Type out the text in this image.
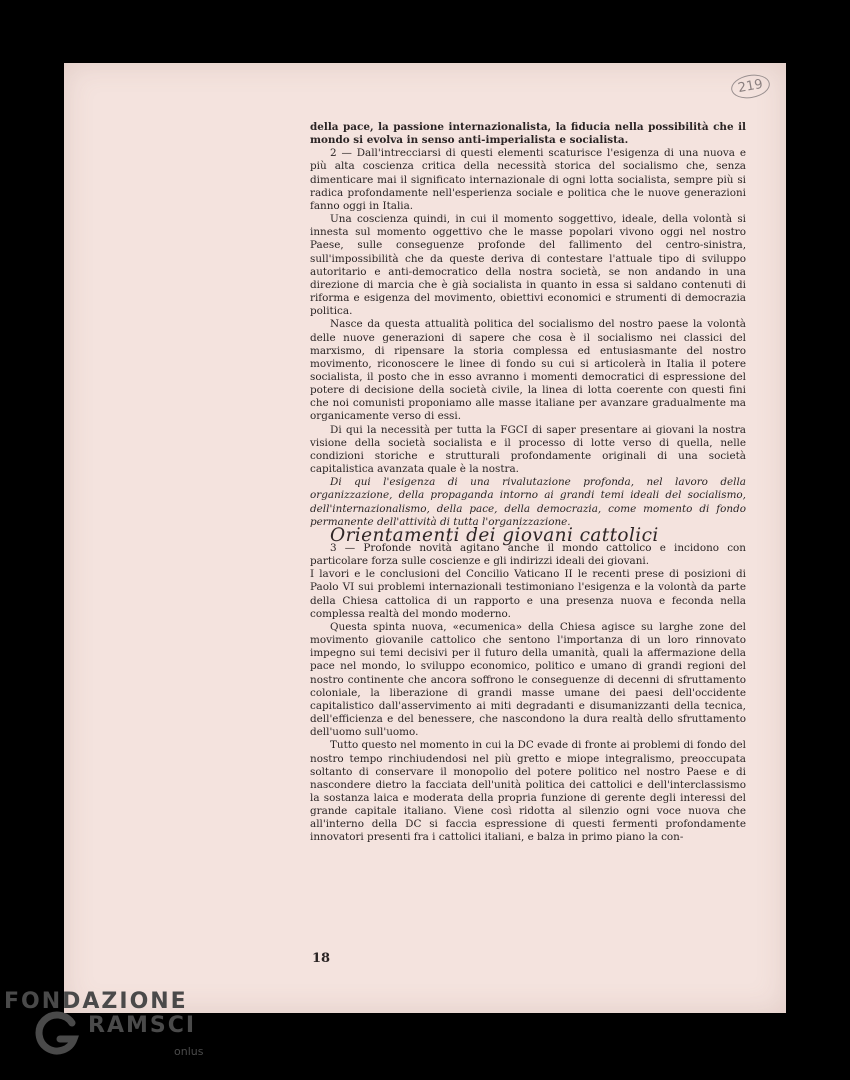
219

della pace, la passione internazionalista, la fiducia nella possibilità che il mondo si evolva in senso anti-imperialista e socialista.

2 — Dall'intrecciarsi di questi elementi scaturisce l'esigenza di una nuova e più alta coscienza critica della necessità storica del socialismo che, senza dimenticare mai il significato internazionale di ogni lotta socialista, sempre più si radica profondamente nell'esperienza sociale e politica che le nuove generazioni fanno oggi in Italia.

Una coscienza quindi, in cui il momento soggettivo, ideale, della volontà si innesta sul momento oggettivo che le masse popolari vivono oggi nel nostro Paese, sulle conseguenze profonde del fallimento del centro-sinistra, sull'impossibilità che da queste deriva di contestare l'attuale tipo di sviluppo autoritario e anti-democratico della nostra società, se non andando in una direzione di marcia che è già socialista in quanto in essa si saldano contenuti di riforma e esigenza del movimento, obiettivi economici e strumenti di democrazia politica.

Nasce da questa attualità politica del socialismo del nostro paese la volontà delle nuove generazioni di sapere che cosa è il socialismo nei classici del marxismo, di ripensare la storia complessa ed entusiasmante del nostro movimento, riconoscere le linee di fondo su cui si articolerà in Italia il potere socialista, il posto che in esso avranno i momenti democratici di espressione del potere di decisione della società civile, la linea di lotta coerente con questi fini che noi comunisti proponiamo alle masse italiane per avanzare gradualmente ma organicamente verso di essi.

Di qui la necessità per tutta la FGCI di saper presentare ai giovani la nostra visione della società socialista e il processo di lotte verso di quella, nelle condizioni storiche e strutturali profondamente originali di una società capitalistica avanzata quale è la nostra.

Di qui l'esigenza di una rivalutazione profonda, nel lavoro della organizzazione, della propaganda intorno ai grandi temi ideali del socialismo, dell'internazionalismo, della pace, della democrazia, come momento di fondo permanente dell'attività di tutta l'organizzazione.

Orientamenti dei giovani cattolici

3 — Profonde novità agitano anche il mondo cattolico e incidono con particolare forza sulle coscienze e gli indirizzi ideali dei giovani.

I lavori e le conclusioni del Concilio Vaticano II le recenti prese di posizioni di Paolo VI sui problemi internazionali testimoniano l'esigenza e la volontà da parte della Chiesa cattolica di un rapporto e una presenza nuova e feconda nella complessa realtà del mondo moderno.

Questa spinta nuova, «ecumenica» della Chiesa agisce su larghe zone del movimento giovanile cattolico che sentono l'importanza di un loro rinnovato impegno sui temi decisivi per il futuro della umanità, quali la affermazione della pace nel mondo, lo sviluppo economico, politico e umano di grandi regioni del nostro continente che ancora soffrono le conseguenze di decenni di sfruttamento coloniale, la liberazione di grandi masse umane dei paesi dell'occidente capitalistico dall'asservimento ai miti degradanti e disumanizzanti della tecnica, dell'efficienza e del benessere, che nascondono la dura realtà dello sfruttamento dell'uomo sull'uomo.

Tutto questo nel momento in cui la DC evade di fronte ai problemi di fondo del nostro tempo rinchiudendosi nel più gretto e miope integralismo, preoccupata soltanto di conservare il monopolio del potere politico nel nostro Paese e di nascondere dietro la facciata dell'unità politica dei cattolici e dell'interclassismo la sostanza laica e moderata della propria funzione di gerente degli interessi del grande capitale italiano. Viene così ridotta al silenzio ogni voce nuova che all'interno della DC si faccia espressione di questi fermenti profondamente innovatori presenti fra i cattolici italiani, e balza in primo piano la con-

18
FONDAZIONE
RAMSCI
onlus
